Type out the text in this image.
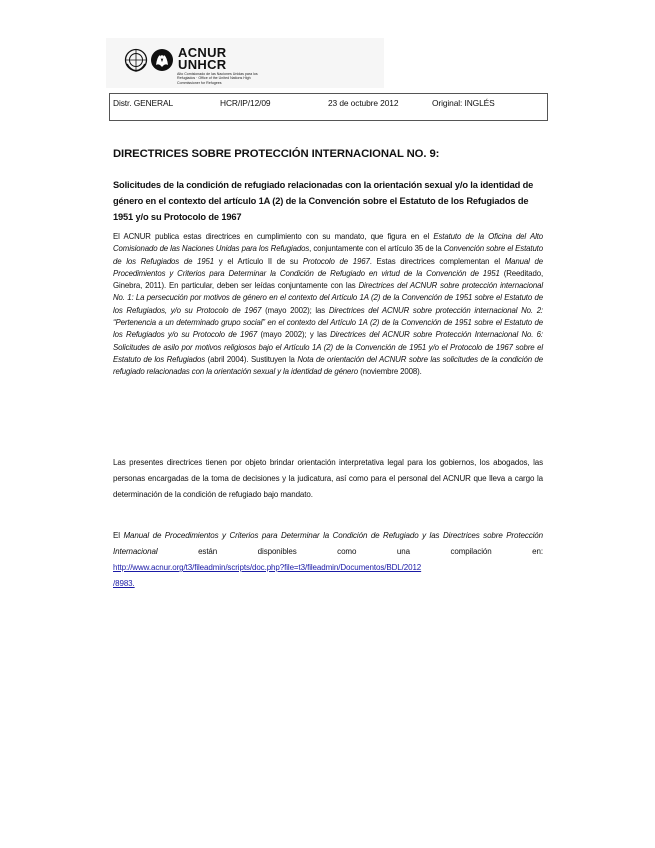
ACNUR
UNHCR
Alto Comisionado de las Naciones Unidas para los Refugiados · Office of the United Nations High Commissioner for Refugees
Distr. GENERAL	HCR/IP/12/09	23 de octubre 2012	Original: INGLÉS
DIRECTRICES SOBRE PROTECCIÓN INTERNACIONAL NO. 9:
Solicitudes de la condición de refugiado relacionadas con la orientación sexual y/o la identidad de género en el contexto del artículo 1A (2) de la Convención sobre el Estatuto de los Refugiados de 1951 y/o su Protocolo de 1967
El ACNUR publica estas directrices en cumplimiento con su mandato, que figura en el Estatuto de la Oficina del Alto Comisionado de las Naciones Unidas para los Refugiados, conjuntamente con el artículo 35 de la Convención sobre el Estatuto de los Refugiados de 1951 y el Artículo II de su Protocolo de 1967. Estas directrices complementan el Manual de Procedimientos y Criterios para Determinar la Condición de Refugiado en virtud de la Convención de 1951 (Reeditado, Ginebra, 2011). En particular, deben ser leídas conjuntamente con las Directrices del ACNUR sobre protección internacional No. 1: La persecución por motivos de género en el contexto del Artículo 1A (2) de la Convención de 1951 sobre el Estatuto de los Refugiados, y/o su Protocolo de 1967 (mayo 2002); las Directrices del ACNUR sobre protección internacional No. 2: “Pertenencia a un determinado grupo social” en el contexto del Artículo 1A (2) de la Convención de 1951 sobre el Estatuto de los Refugiados y/o su Protocolo de 1967 (mayo 2002); y las Directrices del ACNUR sobre Protección Internacional No. 6: Solicitudes de asilo por motivos religiosos bajo el Artículo 1A (2) de la Convención de 1951 y/o el Protocolo de 1967 sobre el Estatuto de los Refugiados (abril 2004). Sustituyen la Nota de orientación del ACNUR sobre las solicitudes de la condición de refugiado relacionadas con la orientación sexual y la identidad de género (noviembre 2008).
Las presentes directrices tienen por objeto brindar orientación interpretativa legal para los gobiernos, los abogados, las personas encargadas de la toma de decisiones y la judicatura, así como para el personal del ACNUR que lleva a cargo la determinación de la condición de refugiado bajo mandato.
El Manual de Procedimientos y Criterios para Determinar la Condición de Refugiado y las Directrices sobre Protección Internacional están disponibles como una compilación en:
http://www.acnur.org/t3/fileadmin/scripts/doc.php?file=t3/fileadmin/Documentos/BDL/2012
/8983.
